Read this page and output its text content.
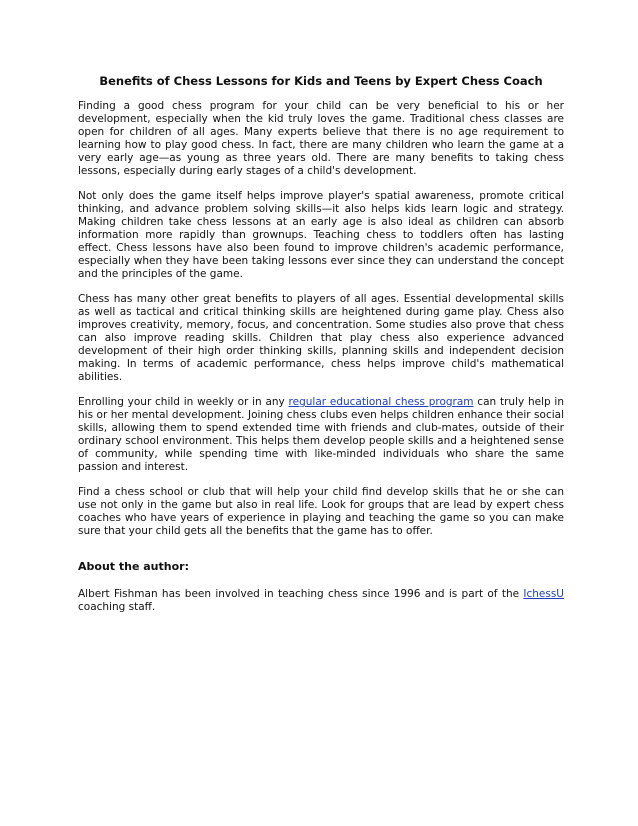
Benefits of Chess Lessons for Kids and Teens by Expert Chess Coach

Finding a good chess program for your child can be very beneficial to his or her development, especially when the kid truly loves the game. Traditional chess classes are open for children of all ages. Many experts believe that there is no age requirement to learning how to play good chess. In fact, there are many children who learn the game at a very early age—as young as three years old. There are many benefits to taking chess lessons, especially during early stages of a child's development.

Not only does the game itself helps improve player's spatial awareness, promote critical thinking, and advance problem solving skills—it also helps kids learn logic and strategy. Making children take chess lessons at an early age is also ideal as children can absorb information more rapidly than grownups. Teaching chess to toddlers often has lasting effect. Chess lessons have also been found to improve children's academic performance, especially when they have been taking lessons ever since they can understand the concept and the principles of the game.

Chess has many other great benefits to players of all ages. Essential developmental skills as well as tactical and critical thinking skills are heightened during game play. Chess also improves creativity, memory, focus, and concentration. Some studies also prove that chess can also improve reading skills. Children that play chess also experience advanced development of their high order thinking skills, planning skills and independent decision making. In terms of academic performance, chess helps improve child's mathematical abilities.

Enrolling your child in weekly or in any regular educational chess program can truly help in his or her mental development. Joining chess clubs even helps children enhance their social skills, allowing them to spend extended time with friends and club-mates, outside of their ordinary school environment. This helps them develop people skills and a heightened sense of community, while spending time with like-minded individuals who share the same passion and interest.

Find a chess school or club that will help your child find develop skills that he or she can use not only in the game but also in real life. Look for groups that are lead by expert chess coaches who have years of experience in playing and teaching the game so you can make sure that your child gets all the benefits that the game has to offer.

About the author:

Albert Fishman has been involved in teaching chess since 1996 and is part of the IchessU coaching staff.
